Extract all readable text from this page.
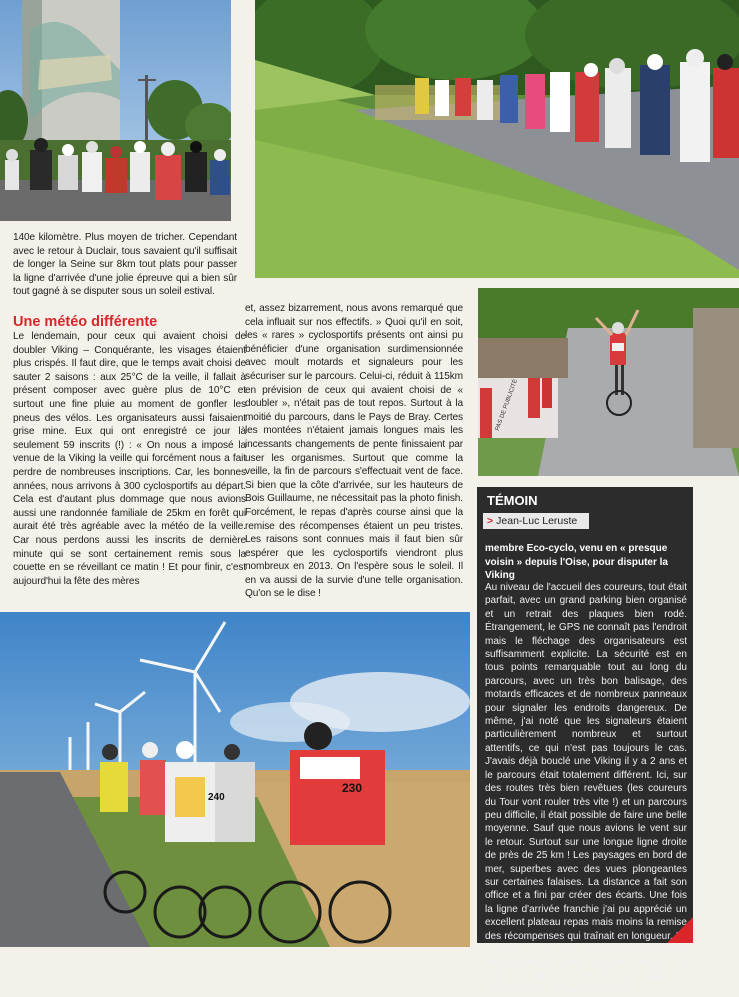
PAS DE PUBLICITÉ
230
240
140e kilomètre. Plus moyen de tricher. Cependant avec le retour à Duclair, tous savaient qu'il suffisait de longer la Seine sur 8km tout plats pour passer la ligne d'arrivée d'une jolie épreuve qui a bien sûr tout gagné à se disputer sous un soleil estival.
Une météo différente
Le lendemain, pour ceux qui avaient choisi de doubler Viking – Conquérante, les visages étaient plus crispés. Il faut dire, que le temps avait choisi de sauter 2 saisons : aux 25°C de la veille, il fallait à présent composer avec guère plus de 10°C et surtout une fine pluie au moment de gonfler les pneus des vélos. Les organisateurs aussi faisaient grise mine. Eux qui ont enregistré ce jour là seulement 59 inscrits (!) : « On nous a imposé la venue de la Viking la veille qui forcément nous a fait perdre de nombreuses inscriptions. Car, les bonnes années, nous arrivons à 300 cyclosportifs au départ. Cela est d'autant plus dommage que nous avions aussi une randonnée familiale de 25km en forêt qui aurait été très agréable avec la météo de la veille. Car nous perdons aussi les inscrits de dernière minute qui se sont certainement remis sous la couette en se réveillant ce matin ! Et pour finir, c'est aujourd'hui la fête des mères
et, assez bizarrement, nous avons remarqué que cela influait sur nos effectifs. » Quoi qu'il en soit, les « rares » cyclosportifs présents ont ainsi pu bénéficier d'une organisation surdimensionnée avec moult motards et signaleurs pour les sécuriser sur le parcours. Celui-ci, réduit à 115km en prévision de ceux qui avaient choisi de « doubler », n'était pas de tout repos. Surtout à la moitié du parcours, dans le Pays de Bray. Certes les montées n'étaient jamais longues mais les incessants changements de pente finissaient par user les organismes. Surtout que comme la veille, la fin de parcours s'effectuait vent de face. Si bien que la côte d'arrivée, sur les hauteurs de Bois Guillaume, ne nécessitait pas la photo finish. Forcément, le repas d'après course ainsi que la remise des récompenses étaient un peu tristes. Les raisons sont connues mais il faut bien sûr espérer que les cyclosportifs viendront plus nombreux en 2013. On l'espère sous le soleil. Il en va aussi de la survie d'une telle organisation. Qu'on se le dise !
TÉMOIN
> Jean-Luc Leruste
membre Eco-cyclo, venu en « presque voisin » depuis l'Oise, pour disputer la Viking
Au niveau de l'accueil des coureurs, tout était parfait, avec un grand parking bien organisé et un retrait des plaques bien rodé. Étrangement, le GPS ne connaît pas l'endroit mais le fléchage des organisateurs est suffisamment explicite. La sécurité est en tous points remarquable tout au long du parcours, avec un très bon balisage, des motards efficaces et de nombreux panneaux pour signaler les endroits dangereux. De même, j'ai noté que les signaleurs étaient particulièrement nombreux et surtout attentifs, ce qui n'est pas toujours le cas. J'avais déjà bouclé une Viking il y a 2 ans et le parcours était totalement différent. Ici, sur des routes très bien revêtues (les coureurs du Tour vont rouler très vite !) et un parcours peu difficile, il était possible de faire une belle moyenne. Sauf que nous avions le vent sur le retour. Surtout sur une longue ligne droite de près de 25 km ! Les paysages en bord de mer, superbes avec des vues plongeantes sur certaines falaises. La distance a fait son office et a fini par créer des écarts. Une fois la ligne d'arrivée franchie j'ai pu apprécié un excellent plateau repas mais moins la remise des récompenses qui traînait en longueur. La « faute » à de très nombreuses catégories récompensées sans oublier l'école de cyclisme. Mais je reviendrai avec plaisir sur cette épreuve, parfaitement rodée.
